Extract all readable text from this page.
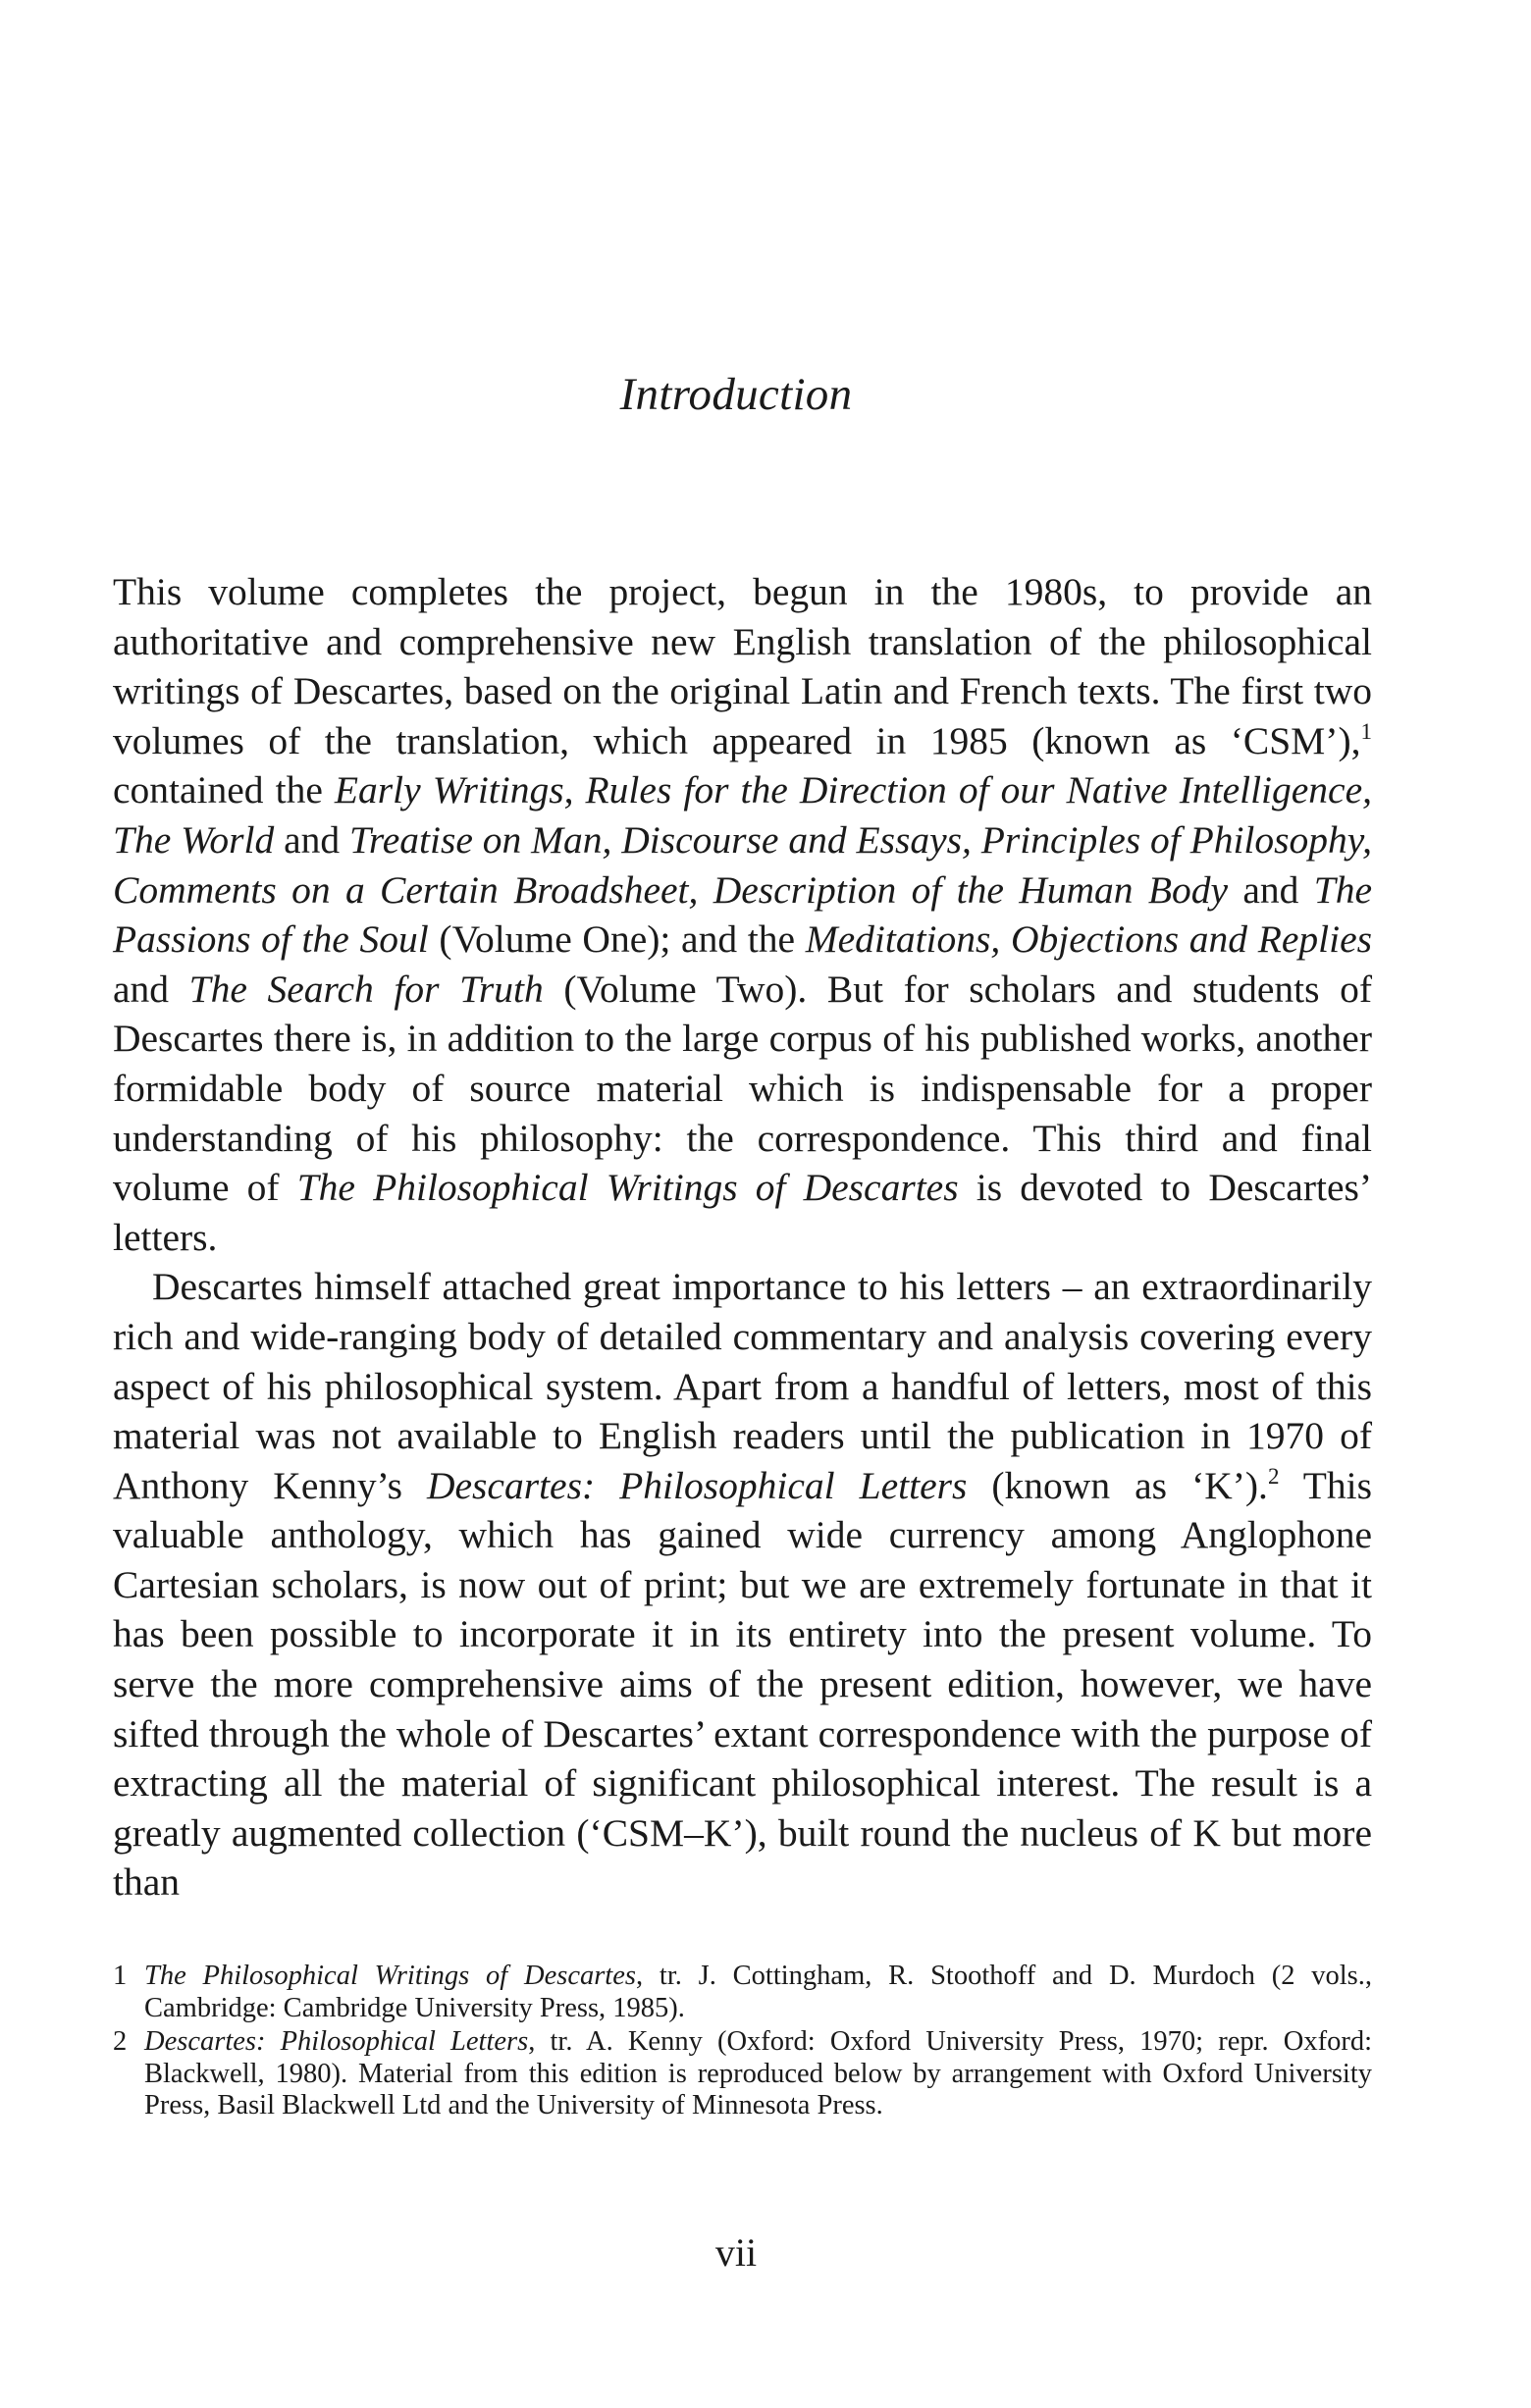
Introduction

This volume completes the project, begun in the 1980s, to provide an authoritative and comprehensive new English translation of the philosophical writings of Descartes, based on the original Latin and French texts. The first two volumes of the translation, which appeared in 1985 (known as ‘CSM’),$^1$ contained the Early Writings, Rules for the Direction of our Native Intelligence, The World and Treatise on Man, Discourse and Essays, Principles of Philosophy, Comments on a Certain Broadsheet, Description of the Human Body and The Passions of the Soul (Volume One); and the Meditations, Objections and Replies and The Search for Truth (Volume Two). But for scholars and students of Descartes there is, in addition to the large corpus of his published works, another formidable body of source material which is indispensable for a proper understanding of his philosophy: the correspondence. This third and final volume of The Philosophical Writings of Descartes is devoted to Descartes’ letters.

Descartes himself attached great importance to his letters – an extraordinarily rich and wide-ranging body of detailed commentary and analysis covering every aspect of his philosophical system. Apart from a handful of letters, most of this material was not available to English readers until the publication in 1970 of Anthony Kenny’s Descartes: Philosophical Letters (known as ‘K’).$^2$ This valuable anthology, which has gained wide currency among Anglophone Cartesian scholars, is now out of print; but we are extremely fortunate in that it has been possible to incorporate it in its entirety into the present volume. To serve the more comprehensive aims of the present edition, however, we have sifted through the whole of Descartes’ extant correspondence with the purpose of extracting all the material of significant philosophical interest. The result is a greatly augmented collection (‘CSM–K’), built round the nucleus of K but more than

1 The Philosophical Writings of Descartes, tr. J. Cottingham, R. Stoothoff and D. Murdoch (2 vols., Cambridge: Cambridge University Press, 1985).
2 Descartes: Philosophical Letters, tr. A. Kenny (Oxford: Oxford University Press, 1970; repr. Oxford: Blackwell, 1980). Material from this edition is reproduced below by arrangement with Oxford University Press, Basil Blackwell Ltd and the University of Minnesota Press.
vii
